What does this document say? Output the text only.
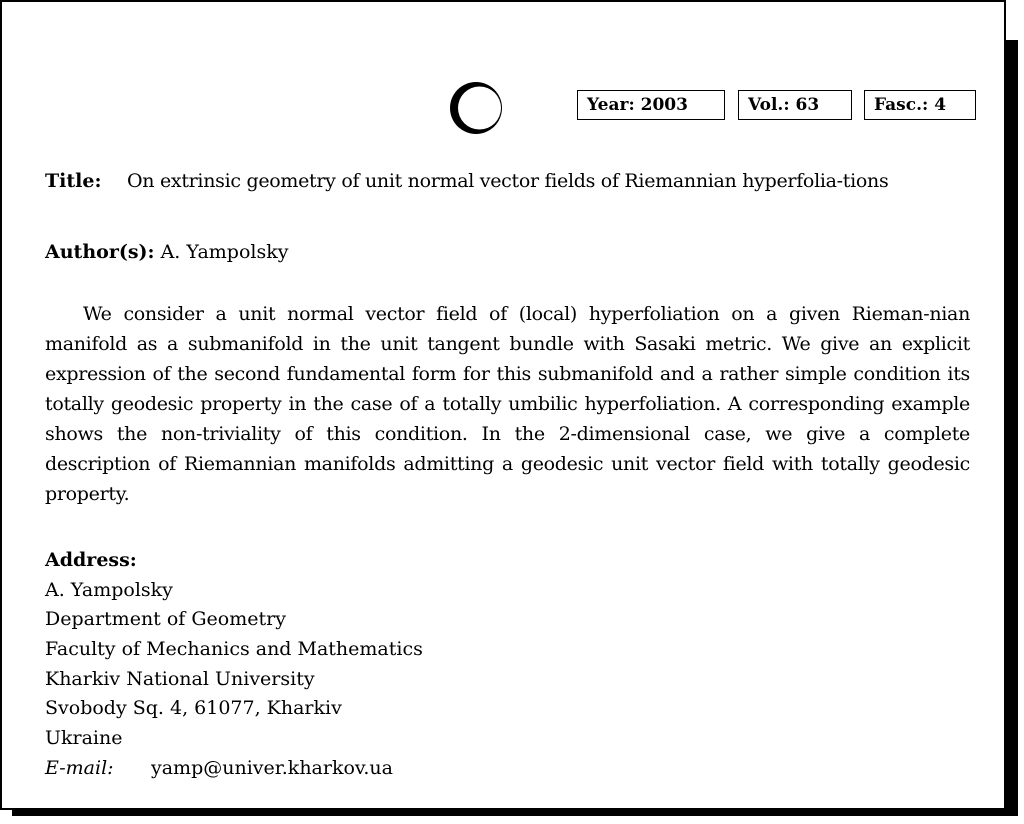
Year: 2003	Vol.: 63	Fasc.: 4
Title: On extrinsic geometry of unit normal vector fields of Riemannian hyperfolia-tions
Author(s): A. Yampolsky
We consider a unit normal vector field of (local) hyperfoliation on a given Rieman-nian manifold as a submanifold in the unit tangent bundle with Sasaki metric. We give an explicit expression of the second fundamental form for this submanifold and a rather simple condition its totally geodesic property in the case of a totally umbilic hyperfoliation. A corresponding example shows the non-triviality of this condition. In the 2-dimensional case, we give a complete description of Riemannian manifolds admitting a geodesic unit vector field with totally geodesic property.
Address:
A. Yampolsky
Department of Geometry
Faculty of Mechanics and Mathematics
Kharkiv National University
Svobody Sq. 4, 61077, Kharkiv
Ukraine
E-mail: yamp@univer.kharkov.ua
